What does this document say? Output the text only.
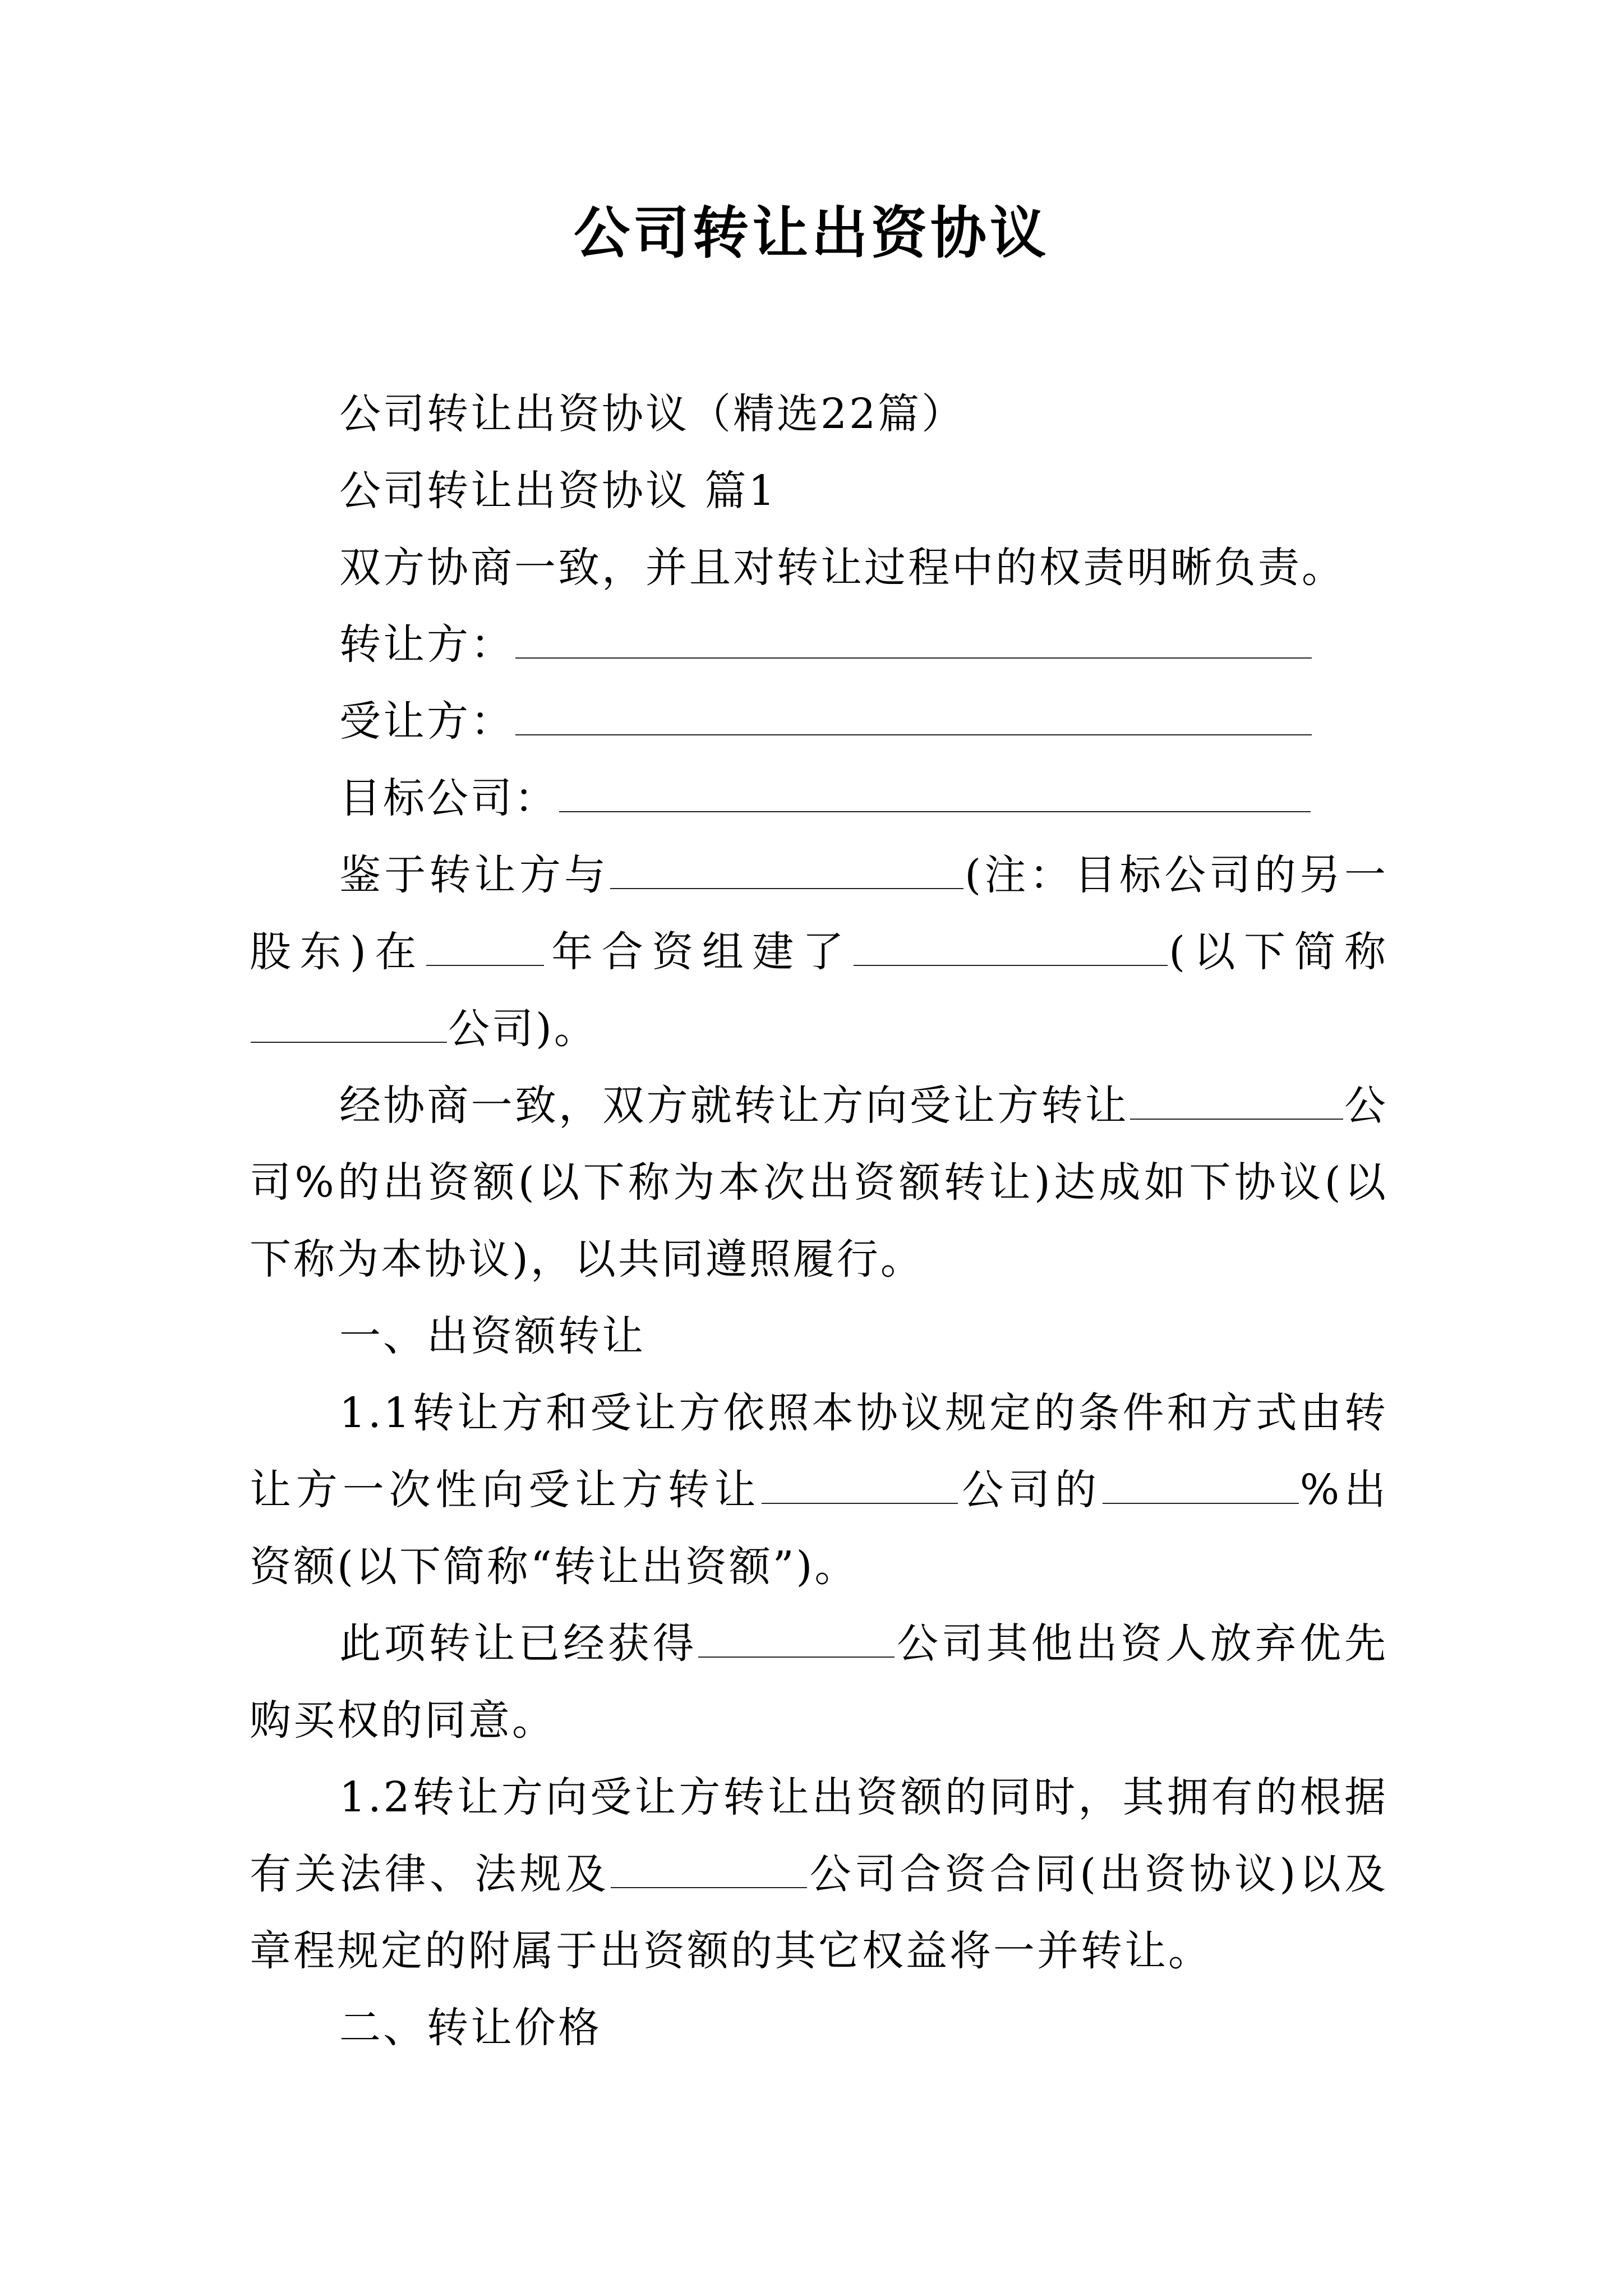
公司转让出资协议

公司转让出资协议（精选22篇）

公司转让出资协议 篇1

双方协商一致，并且对转让过程中的权责明晰负责。

转让方：

受让方：

目标公司：

鉴于转让方与	(注：目标公司的另一股东)在	年合资组建了	(以下简称公司)。

经协商一致，双方就转让方向受让方转让	公司%的出资额(以下称为本次出资额转让)达成如下协议(以下称为本协议)，以共同遵照履行。

一、出资额转让

1.1转让方和受让方依照本协议规定的条件和方式由转让方一次性向受让方转让	公司的	%出资额(以下简称“转让出资额”)。

此项转让已经获得	公司其他出资人放弃优先购买权的同意。

1.2转让方向受让方转让出资额的同时，其拥有的根据有关法律、法规及	公司合资合同(出资协议)以及章程规定的附属于出资额的其它权益将一并转让。

二、转让价格
